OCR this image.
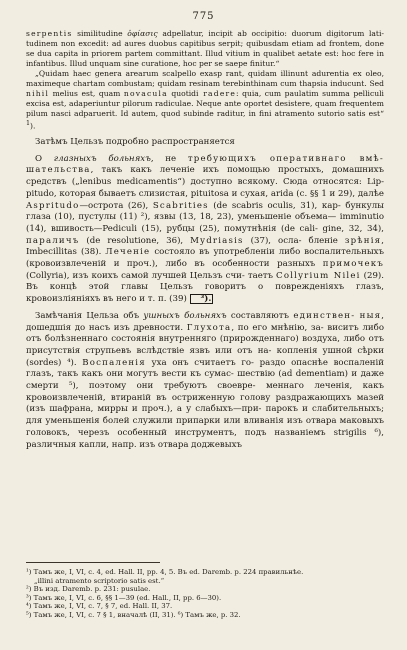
775

serpentis similitudine ὀφίασις adpellatur, incipit ab occipitio: duorum digitorum lati- tudinem non excedit: ad aures duobus capitibus serpit; quibusdam etiam ad frontem, done se dua capita in priorem partem committant. Illud vitium in qualibet aetate est: hoc fere in infantibus. Illud unquam sine curatione, hoc per se saepe finitur.“

„Quidam haec genera arearum scalpello exasp rant, quidam illinunt adurentia ex oleo, maximeque chartam combustam; quidam resinam terebinthinam cum thapsia inducunt. Sed nihil melius est, quam novacula quotidi radere: quia, cum paulatim summa pelliculi excisa est, adaperiuntur pilorum radiculae. Neque ante oportet desistere, quam frequentem pilum nasci adparuerit. Id autem, quod subinde raditur, in fini atramento sutorio satis est“ $^1$).

Затѣмъ Цельзъ подробно распространяется

О глазныхъ больняхъ, не требующихъ оперативнаго вмѣ- шательства, такъ какъ леченіе ихъ помощью простыхъ, домашнихъ средствъ („lenibus medicamentis“) доступно всякому. Сюда относятся: Lip- pitudo, которая бываетъ слизистая, pituitosa и сухая, arida (c. §§ 1 и 29), далѣе Aspritudo—острота (26), Scabrities (de scabris oculis, 31), кар- бункулы глаза (10), пустулы (11) ²), язвы (13, 18, 23), уменьшеніе объема— imminutio (14), вшивость—Pediculi (15), рубцы (25), помутнѣнія (de cali- gine, 32, 34), параличъ (de resolutione, 36), Mydriasis (37), осла- бленіе зрѣнія, Imbecillitas (38). Леченіе состояло въ употребленіи либо воспалительныхъ (кровоизвлеченій и проч.), либо въ особенности разныхъ примочекъ (Collyria), изъ коихъ самой лучшей Цельзъ счи- таетъ Collyrium Nilei (29). Въ концѣ этой главы Цельзъ говоритъ о поврежденіяхъ глазъ, кровоизліяніяхъ въ него и т. п. (39) ³).

Замѣчанія Цельза объ ушныхъ больняхъ составляютъ единствен- ныя, дошедшія до насъ изъ древности. Глухота, по его мнѣнію, за- виситъ либо отъ болѣзненнаго состоянія внутренняго (прирожденнаго) воздуха, либо отъ присутствія струпьевъ вслѣдствіе язвъ или отъ на- копленія ушной сѣрки (sordes) ⁴). Воспаленія уха онъ считаетъ го- раздо опаснѣе воспаленій глазъ, такъ какъ они могутъ вести къ сумас- шествію (ad dementiam) и даже смерти ⁵), поэтому они требуютъ своевре- меннаго леченія, какъ кровоизвлеченій, втираній въ остриженную голову раздражающихъ мазей (изъ шафрана, мирры и проч.), а у слабыхъ—при- парокъ и слабительныхъ; для уменьшенія болей служили припарки или вливанія изъ отвара маковыхъ головокъ, черезъ особенный инструментъ, подъ названіемъ strigilis ⁶), различныя капли, напр. изъ отвара доджевыхъ

¹) Тамъ же, I, VI, c. 4, ed. Hall. II, pp. 4, 5. Въ ed. Daremb. p. 224 правильнѣе.
„illini atramento scriptorio satis est.“
²) Въ изд. Daremb. p. 231: pusulae.
³) Тамъ же, I, VI, c. 6, §§ 1—39 (ed. Hall., II, pp. 6—30).
⁴) Тамъ же, I, VI, c. 7, § 7, ed. Hall. II, 37.
⁵) Тамъ же, I, VI, c. 7 § 1, вначалѣ (II, 31). ⁶) Тамъ же, p. 32.
